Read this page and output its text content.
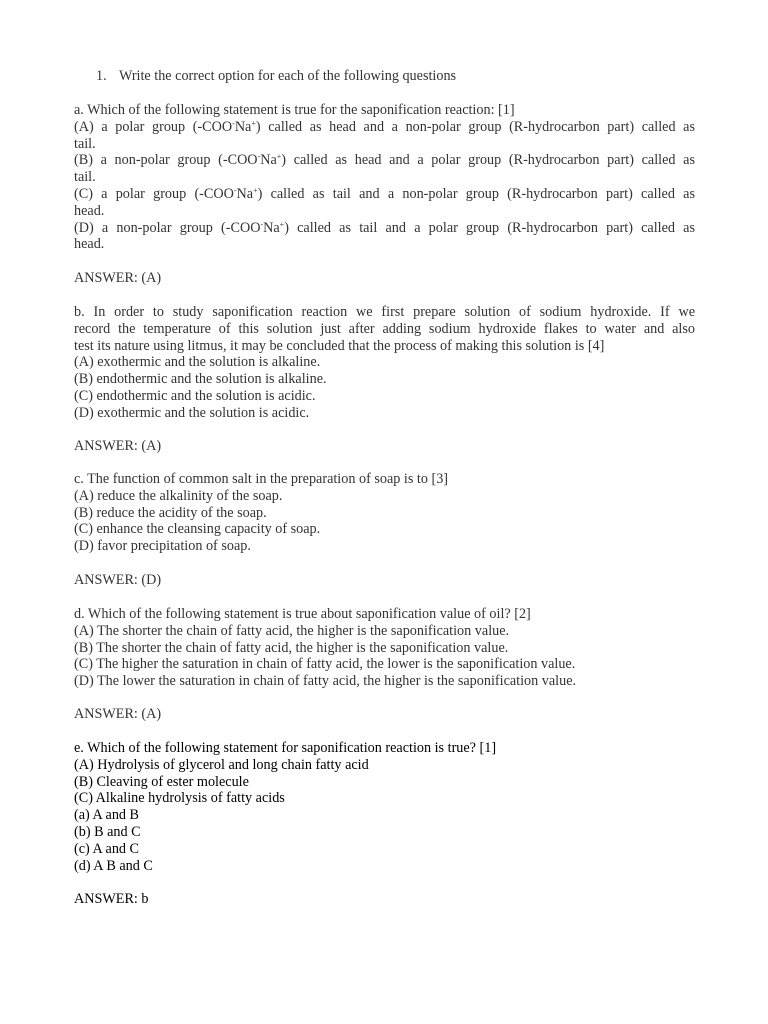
1. Write the correct option for each of the following questions
a. Which of the following statement is true for the saponification reaction: [1]
(A) a polar group (-COO-Na+) called as head and a non-polar group (R-hydrocarbon part) called as
tail.
(B) a non-polar group (-COO-Na+) called as head and a polar group (R-hydrocarbon part) called as
tail.
(C) a polar group (-COO-Na+) called as tail and a non-polar group (R-hydrocarbon part) called as
head.
(D) a non-polar group (-COO-Na+) called as tail and a polar group (R-hydrocarbon part) called as
head.
ANSWER: (A)
b. In order to study saponification reaction we first prepare solution of sodium hydroxide. If we
record the temperature of this solution just after adding sodium hydroxide flakes to water and also
test its nature using litmus, it may be concluded that the process of making this solution is [4]
(A) exothermic and the solution is alkaline.
(B) endothermic and the solution is alkaline.
(C) endothermic and the solution is acidic.
(D) exothermic and the solution is acidic.
ANSWER: (A)
c. The function of common salt in the preparation of soap is to [3]
(A) reduce the alkalinity of the soap.
(B) reduce the acidity of the soap.
(C) enhance the cleansing capacity of soap.
(D) favor precipitation of soap.
ANSWER: (D)
d. Which of the following statement is true about saponification value of oil? [2]
(A) The shorter the chain of fatty acid, the higher is the saponification value.
(B) The shorter the chain of fatty acid, the higher is the saponification value.
(C) The higher the saturation in chain of fatty acid, the lower is the saponification value.
(D) The lower the saturation in chain of fatty acid, the higher is the saponification value.
ANSWER: (A)
e. Which of the following statement for saponification reaction is true? [1]
(A) Hydrolysis of glycerol and long chain fatty acid
(B) Cleaving of ester molecule
(C) Alkaline hydrolysis of fatty acids
(a) A and B
(b) B and C
(c) A and C
(d) A B and C
ANSWER: b
